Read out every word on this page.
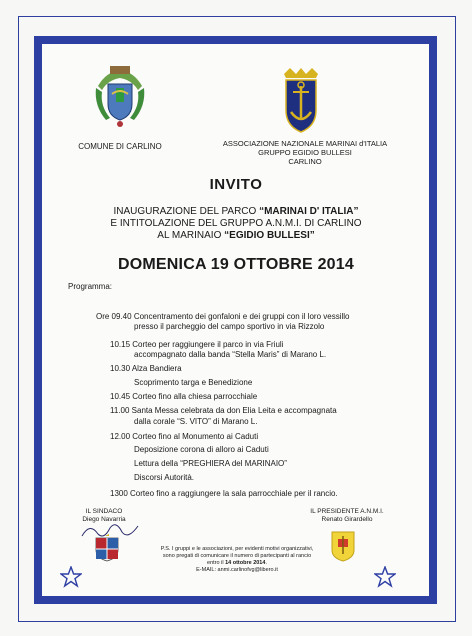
COMUNE DI CARLINO	ASSOCIAZIONE NAZIONALE MARINAI d'ITALIA
GRUPPO EGIDIO BULLESI
CARLINO
INVITO
INAUGURAZIONE DEL PARCO “MARINAI D' ITALIA”
E INTITOLAZIONE DEL GRUPPO A.N.M.I. DI CARLINO
AL MARINAIO “EGIDIO BULLESI”
DOMENICA 19 OTTOBRE 2014
Programma:
Ore 09.40 Concentramento dei gonfaloni e dei gruppi con il loro vessillo
presso il parcheggio del campo sportivo in via Rizzolo
10.15 Corteo per raggiungere il parco in via Friuli
accompagnato dalla banda “Stella Maris” di Marano L.
10.30 Alza Bandiera
Scoprimento targa e Benedizione
10.45 Corteo fino alla chiesa parrocchiale
11.00 Santa Messa celebrata da don Elia Leita e accompagnata
dalla corale “S. VITO” di Marano L.
12.00 Corteo fino al Monumento ai Caduti
Deposizione corona di alloro ai Caduti
Lettura della “PREGHIERA del MARINAIO”
Discorsi Autorità.
1300 Corteo fino a raggiungere la sala parrocchiale per il rancio.
IL SINDACO
Diego Navarria
IL PRESIDENTE A.N.M.I.
Renato Girardello
P.S. I gruppi e le associazioni, per evidenti motivi organizzativi,
sono pregati di comunicare il numero di partecipanti al rancio
entro il 14 ottobre 2014.
E-MAIL: anmi.carlinofvg@libero.it
